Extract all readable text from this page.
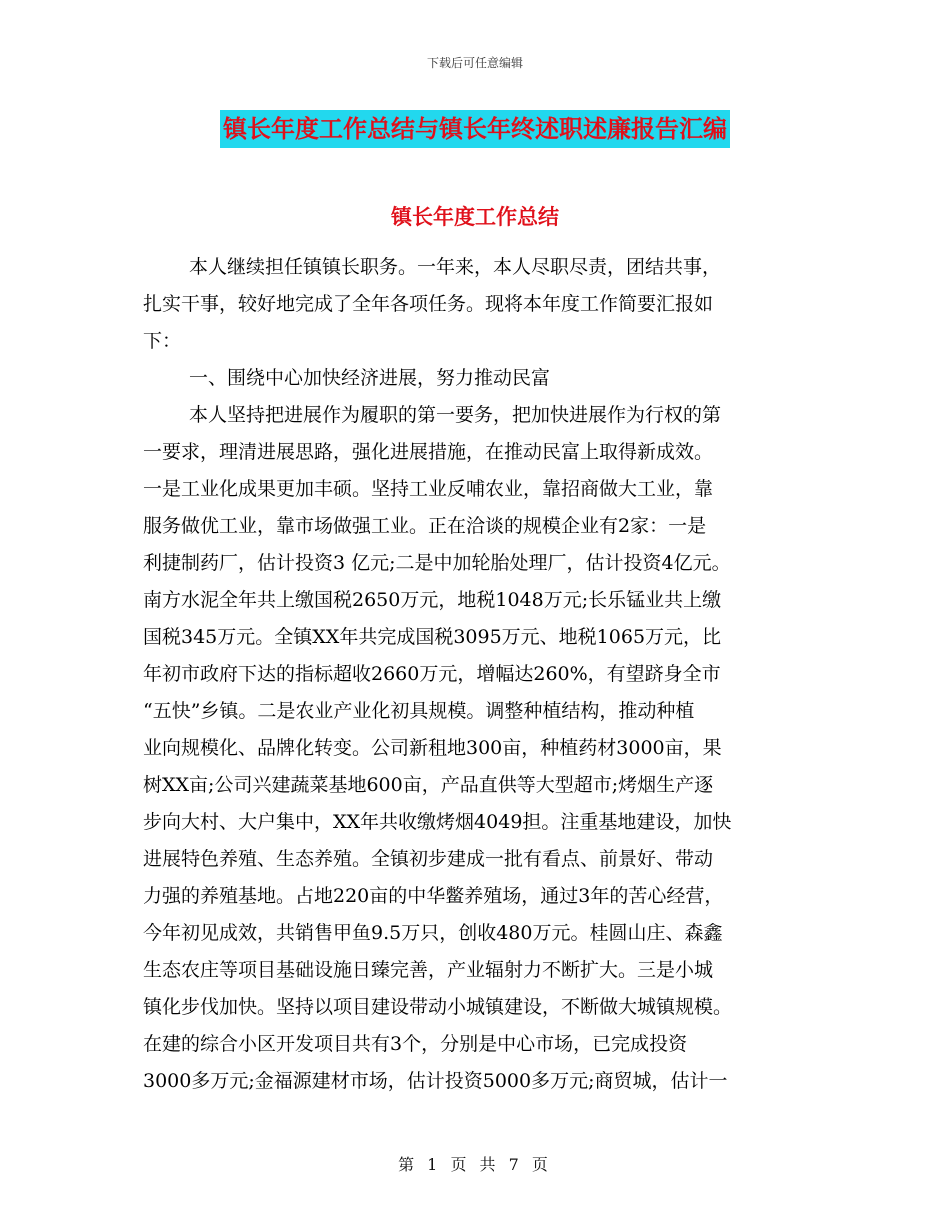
下载后可任意编辑
镇长年度工作总结与镇长年终述职述廉报告汇编
镇长年度工作总结
本人继续担任镇镇长职务。一年来，本人尽职尽责，团结共事，
扎实干事，较好地完成了全年各项任务。现将本年度工作简要汇报如
下：
一、围绕中心加快经济进展，努力推动民富
本人坚持把进展作为履职的第一要务，把加快进展作为行权的第
一要求，理清进展思路，强化进展措施，在推动民富上取得新成效。
一是工业化成果更加丰硕。坚持工业反哺农业，靠招商做大工业，靠
服务做优工业，靠市场做强工业。正在洽谈的规模企业有2家：一是
利捷制药厂，估计投资3 亿元;二是中加轮胎处理厂，估计投资4亿元。
南方水泥全年共上缴国税2650万元，地税1048万元;长乐锰业共上缴
国税345万元。全镇XX年共完成国税3095万元、地税1065万元，比
年初市政府下达的指标超收2660万元，增幅达260%，有望跻身全市
“五快”乡镇。二是农业产业化初具规模。调整种植结构，推动种植
业向规模化、品牌化转变。公司新租地300亩，种植药材3000亩，果
树XX亩;公司兴建蔬菜基地600亩，产品直供等大型超市;烤烟生产逐
步向大村、大户集中，XX年共收缴烤烟4049担。注重基地建设，加快
进展特色养殖、生态养殖。全镇初步建成一批有看点、前景好、带动
力强的养殖基地。占地220亩的中华鳖养殖场，通过3年的苦心经营，
今年初见成效，共销售甲鱼9.5万只，创收480万元。桂圆山庄、森鑫
生态农庄等项目基础设施日臻完善，产业辐射力不断扩大。三是小城
镇化步伐加快。坚持以项目建设带动小城镇建设，不断做大城镇规模。
在建的综合小区开发项目共有3个，分别是中心市场，已完成投资
3000多万元;金福源建材市场，估计投资5000多万元;商贸城，估计一
第 1 页 共 7 页
